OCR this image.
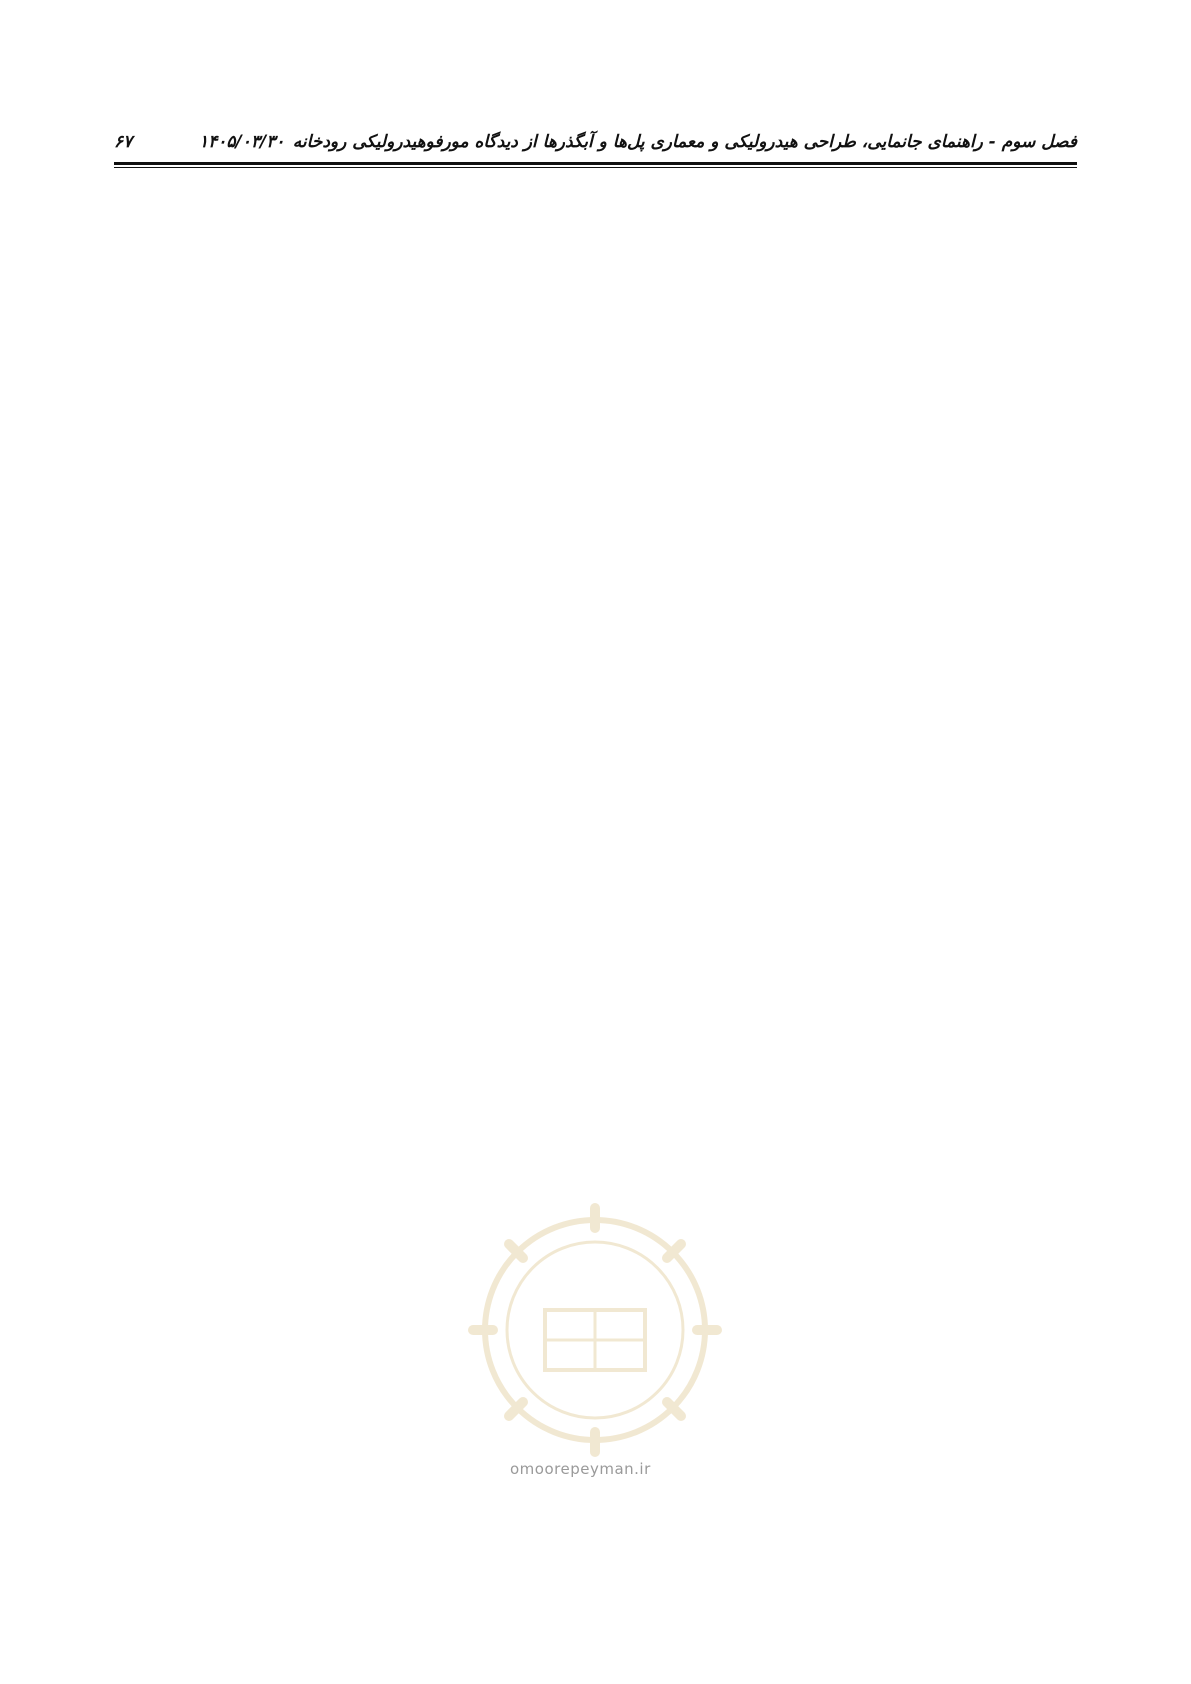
۶۷	۱۴۰۵/۰۳/۳۰ فصل سوم - راهنمای جانمایی، طراحی هیدرولیکی و معماری پل‌ها و آبگذرها از دیدگاه مورفوهیدرولیکی رودخانه

omoorepeyman.ir
